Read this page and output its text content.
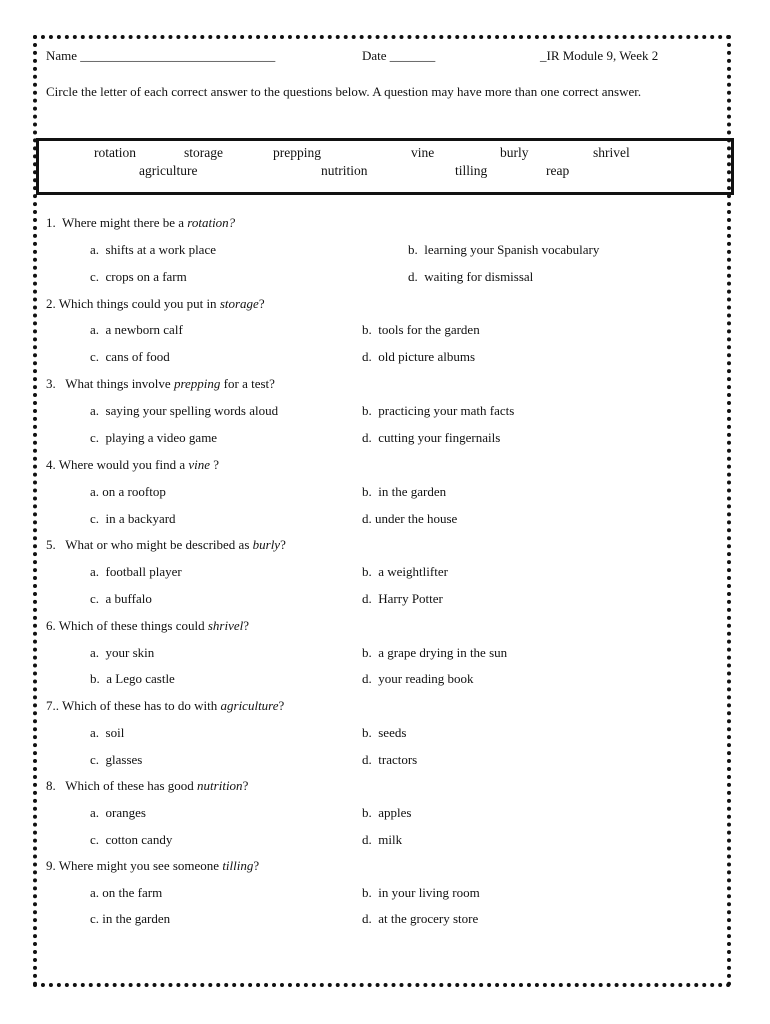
Name ______________________________	Date _______	_IR Module 9, Week 2
Circle the letter of each correct answer to the questions below. A question may have more than one correct answer.
rotation	storage	prepping	vine	burly	shrivel
agriculture	nutrition	tilling	reap
1. Where might there be a rotation?
a. shifts at a work place	b. learning your Spanish vocabulary
c. crops on a farm	d. waiting for dismissal
2. Which things could you put in storage?
a. a newborn calf	b. tools for the garden
c. cans of food	d. old picture albums
3. What things involve prepping for a test?
a. saying your spelling words aloud	b. practicing your math facts
c. playing a video game	d. cutting your fingernails
4. Where would you find a vine ?
a. on a rooftop	b. in the garden
c. in a backyard	d. under the house
5. What or who might be described as burly?
a. football player	b. a weightlifter
c. a buffalo	d. Harry Potter
6. Which of these things could shrivel?
a. your skin	b. a grape drying in the sun
b. a Lego castle	d. your reading book
7.. Which of these has to do with agriculture?
a. soil	b. seeds
c. glasses	d. tractors
8. Which of these has good nutrition?
a. oranges	b. apples
c. cotton candy	d. milk
9. Where might you see someone tilling?
a. on the farm	b. in your living room
c. in the garden	d. at the grocery store
